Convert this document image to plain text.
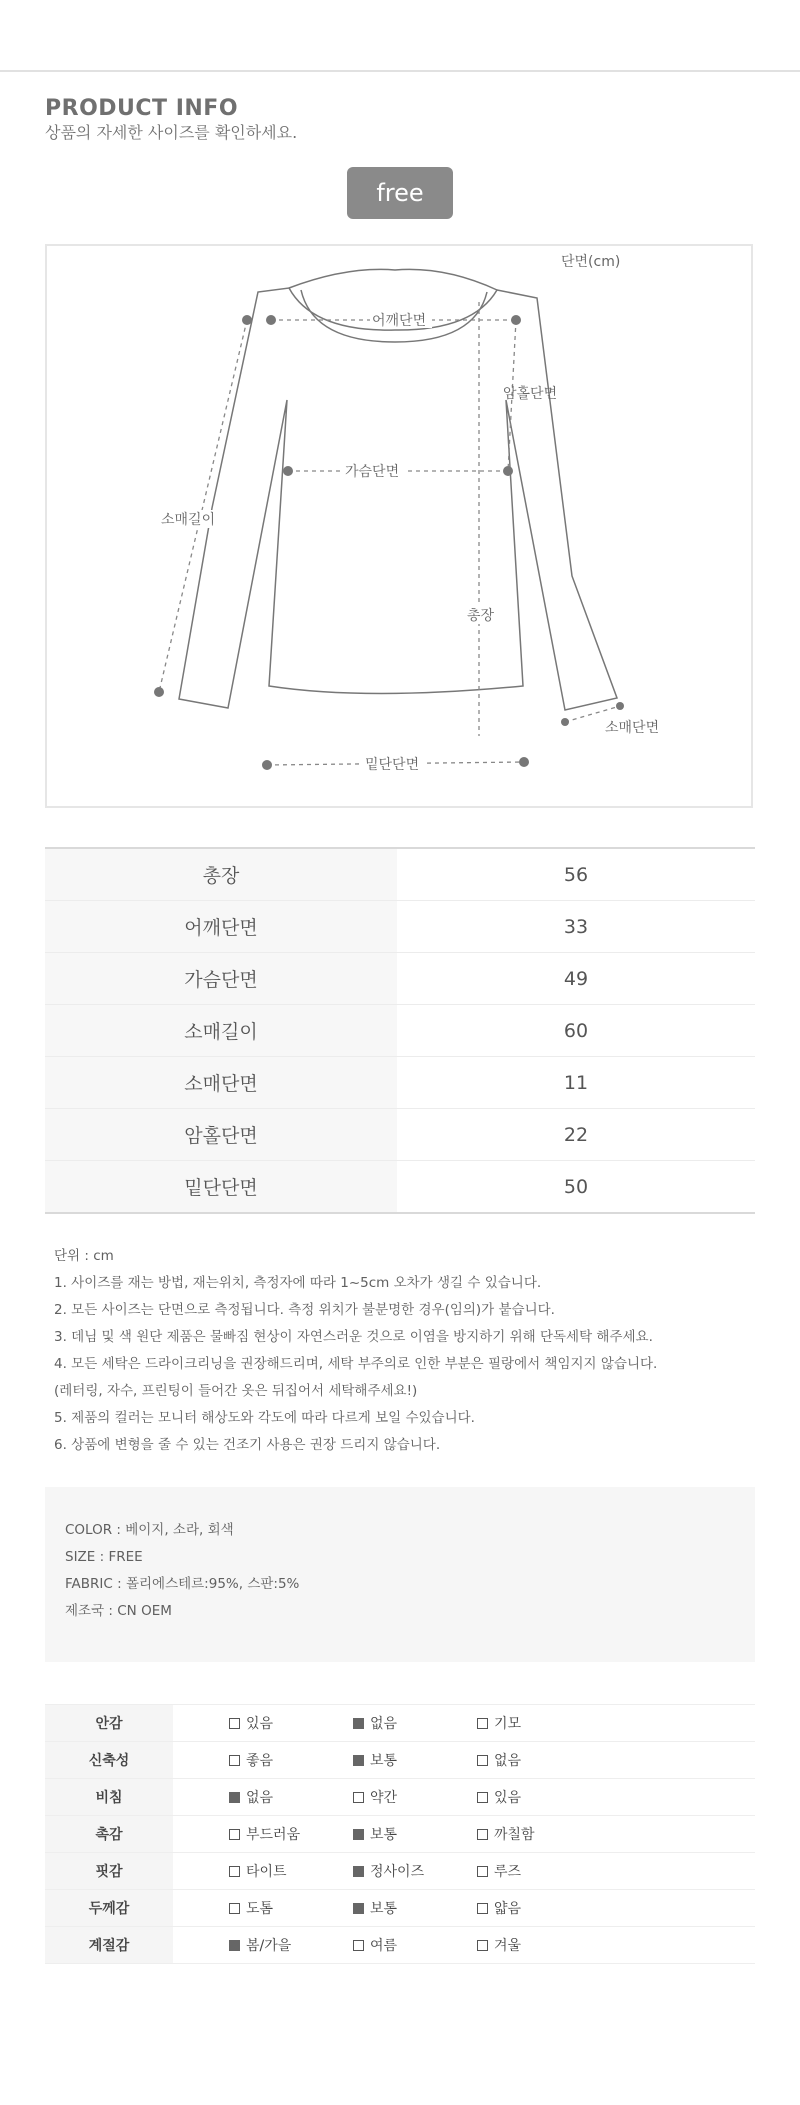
PRODUCT INFO
상품의 자세한 사이즈를 확인하세요.
free
어깨단면
단면(cm)
암홀단면
가슴단면
소매길이
총장
소매단면
밑단단면
총장	56
어깨단면	33
가슴단면	49
소매길이	60
소매단면	11
암홀단면	22
밑단단면	50
단위 : cm
1. 사이즈를 재는 방법, 재는위치, 측정자에 따라 1~5cm 오차가 생길 수 있습니다.
2. 모든 사이즈는 단면으로 측정됩니다. 측정 위치가 불분명한 경우(임의)가 붙습니다.
3. 데님 및 색 원단 제품은 물빠짐 현상이 자연스러운 것으로 이염을 방지하기 위해 단독세탁 해주세요.
4. 모든 세탁은 드라이크리닝을 권장해드리며, 세탁 부주의로 인한 부분은 필랑에서 책임지지 않습니다.
(레터링, 자수, 프린팅이 들어간 옷은 뒤집어서 세탁해주세요!)
5. 제품의 컬러는 모니터 해상도와 각도에 따라 다르게 보일 수있습니다.
6. 상품에 변형을 줄 수 있는 건조기 사용은 권장 드리지 않습니다.
COLOR : 베이지, 소라, 회색
SIZE : FREE
FABRIC : 폴리에스테르:95%, 스판:5%
제조국 : CN OEM
안감		있음	없음	기모

신축성		좋음	보통	없음

비침		없음	약간	있음

촉감		부드러움	보통	까칠함

핏감		타이트	정사이즈	루즈

두께감		도톰	보통	얇음

계절감		봄/가을	여름	겨울
